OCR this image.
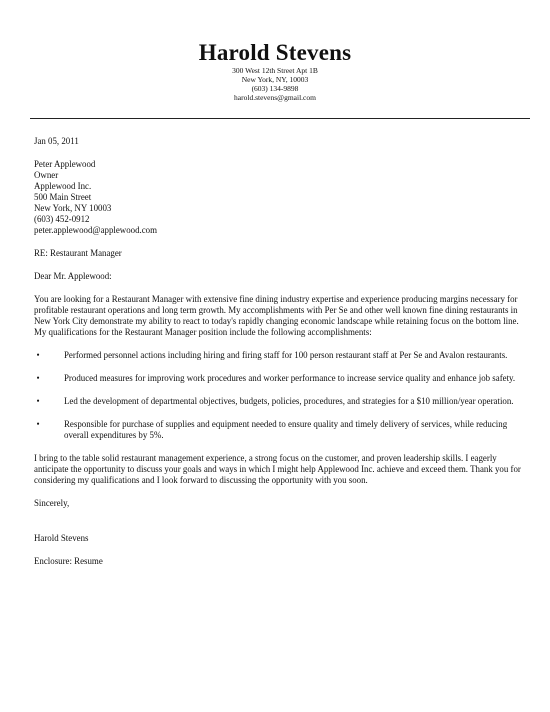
Harold Stevens
300 West 12th Street Apt 1B
New York, NY, 10003
(603) 134-9898
harold.stevens@gmail.com
Jan 05, 2011
Peter Applewood
Owner
Applewood Inc.
500 Main Street
New York, NY 10003
(603) 452-0912
peter.applewood@applewood.com
RE: Restaurant Manager
Dear Mr. Applewood:
You are looking for a Restaurant Manager with extensive fine dining industry expertise and experience producing margins necessary for profitable restaurant operations and long term growth. My accomplishments with Per Se and other well known fine dining restaurants in New York City demonstrate my ability to react to today's rapidly changing economic landscape while retaining focus on the bottom line. My qualifications for the Restaurant Manager position include the following accomplishments:
•	Performed personnel actions including hiring and firing staff for 100 person restaurant staff at Per Se and Avalon restaurants.
•	Produced measures for improving work procedures and worker performance to increase service quality and enhance job safety.
•	Led the development of departmental objectives, budgets, policies, procedures, and strategies for a $10 million/year operation.
•	Responsible for purchase of supplies and equipment needed to ensure quality and timely delivery of services, while reducing overall expenditures by 5%.
I bring to the table solid restaurant management experience, a strong focus on the customer, and proven leadership skills. I eagerly anticipate the opportunity to discuss your goals and ways in which I might help Applewood Inc. achieve and exceed them. Thank you for considering my qualifications and I look forward to discussing the opportunity with you soon.
Sincerely,
Harold Stevens
Enclosure: Resume
